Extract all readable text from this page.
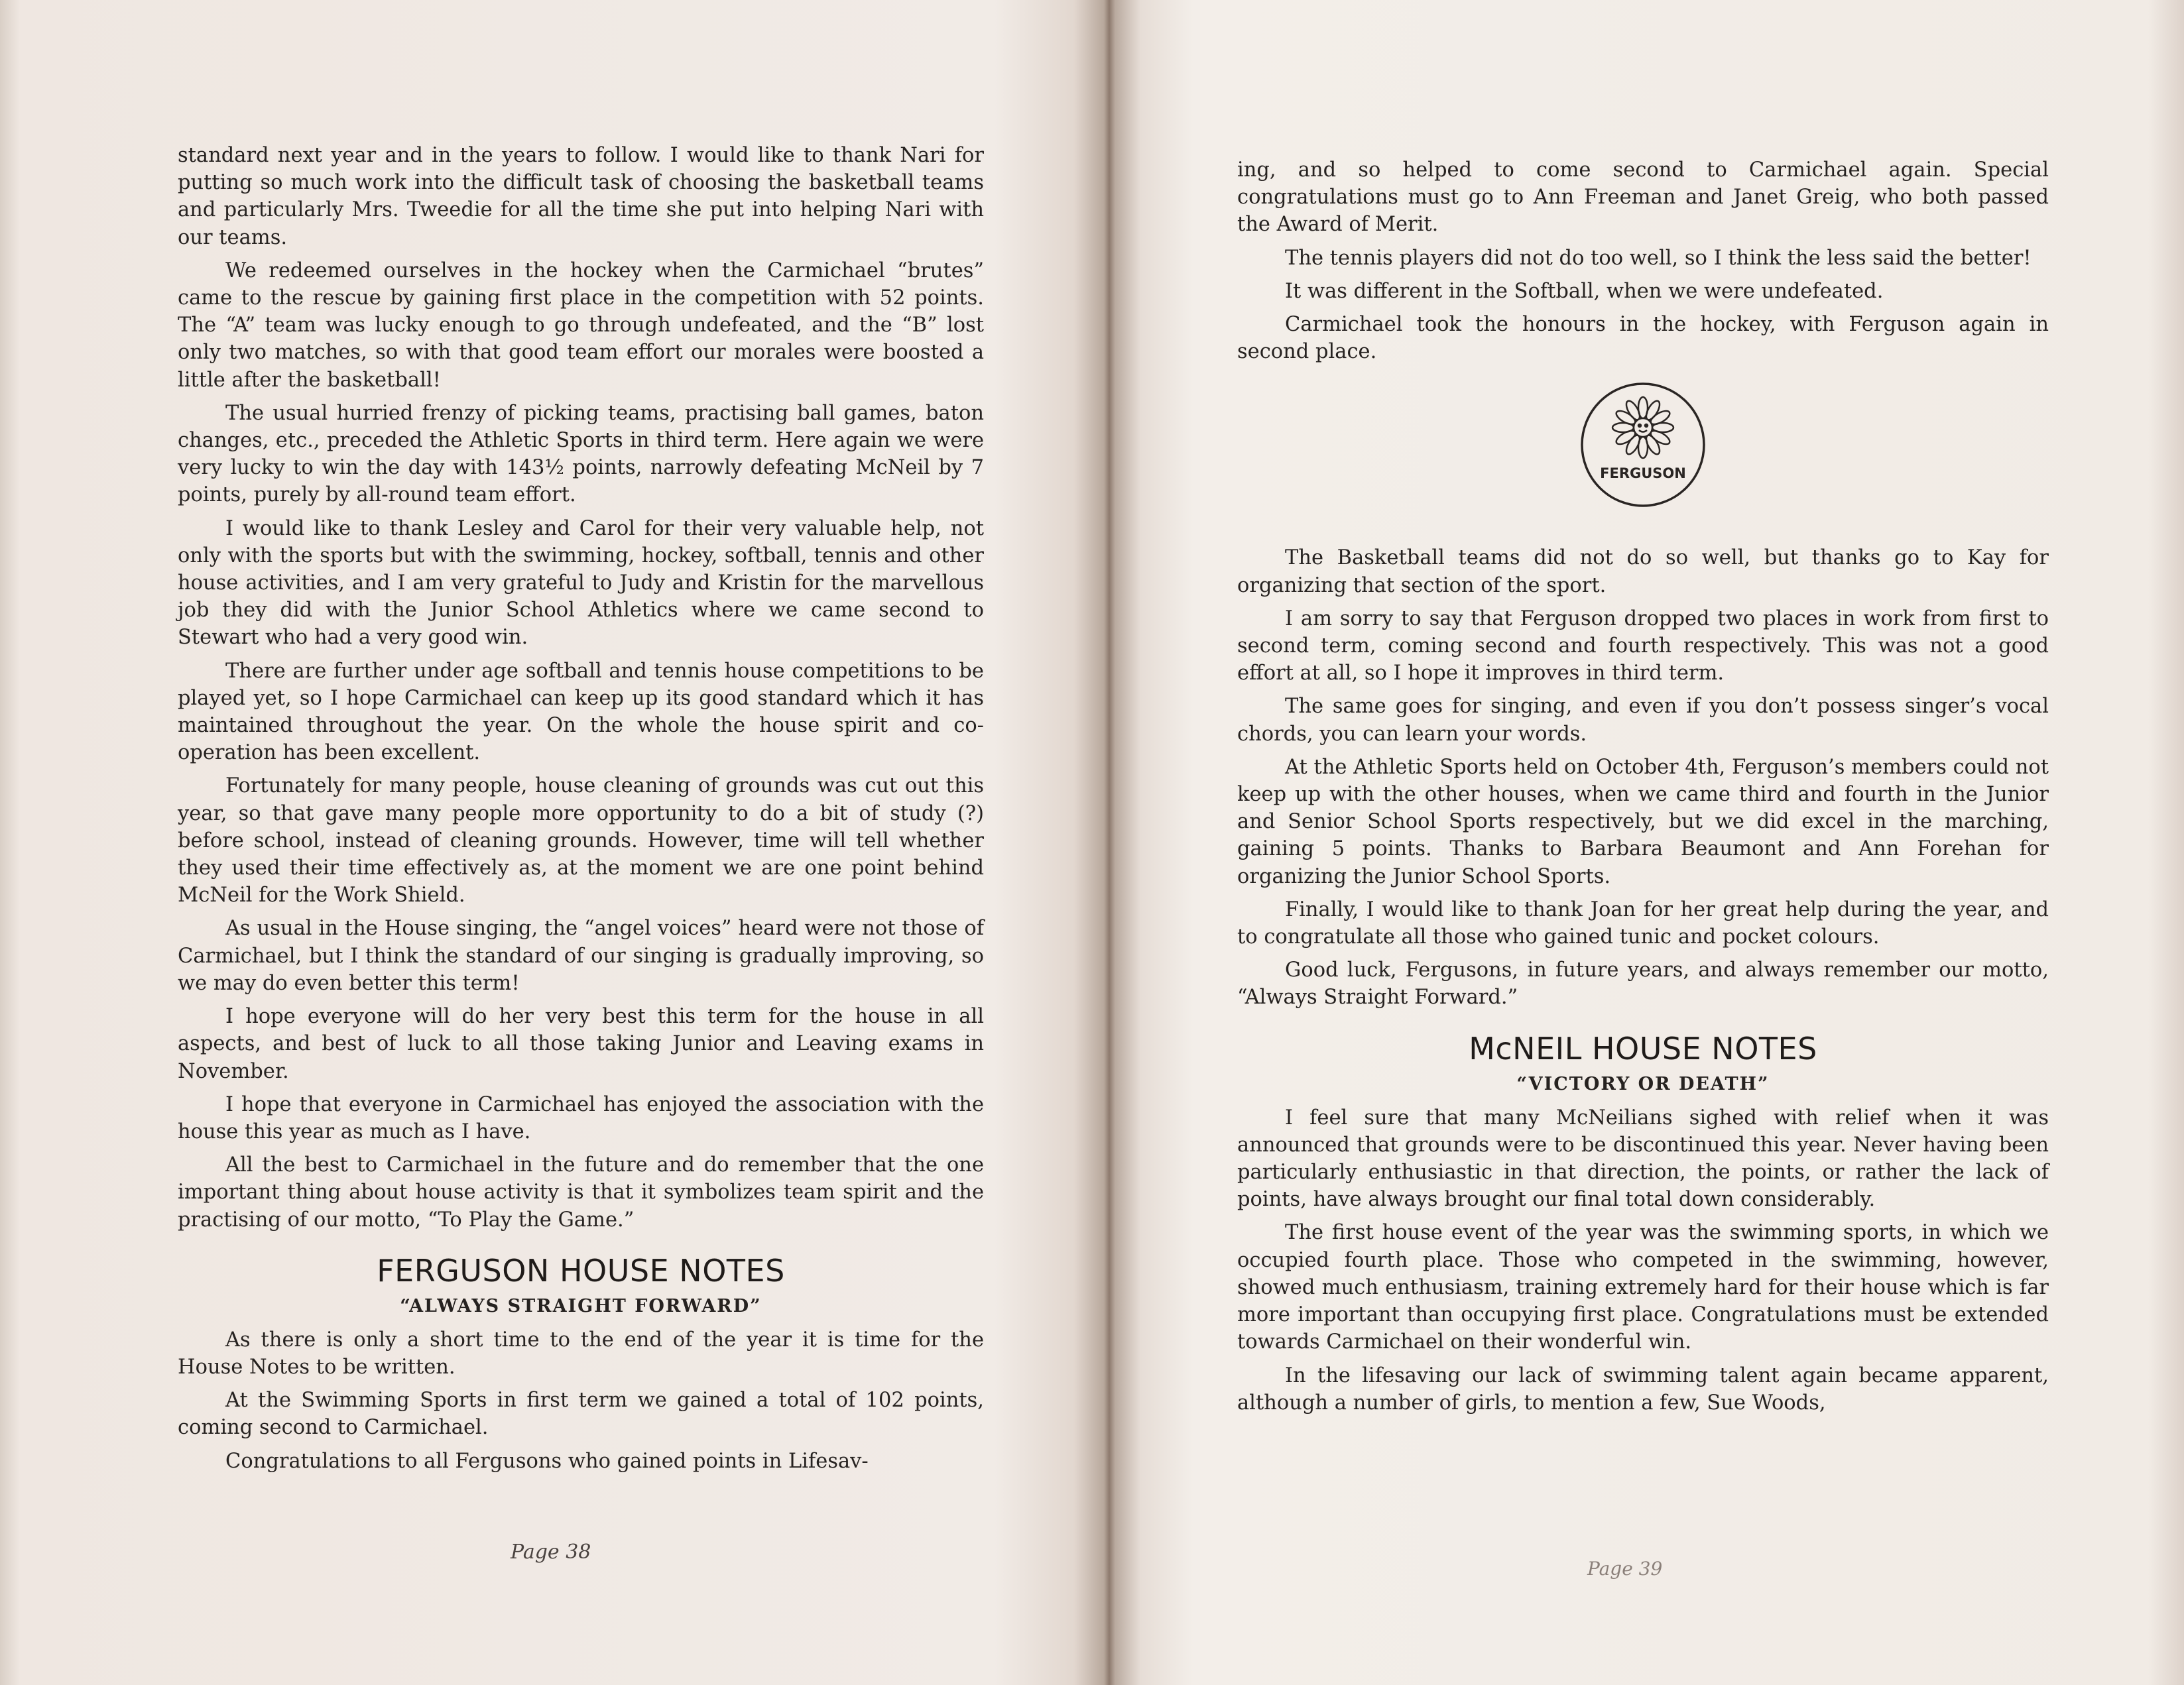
standard next year and in the years to follow. I would like to thank Nari for putting so much work into the difficult task of choosing the basketball teams and particularly Mrs. Tweedie for all the time she put into helping Nari with our teams.

We redeemed ourselves in the hockey when the Carmichael “brutes” came to the rescue by gaining first place in the competition with 52 points. The “A” team was lucky enough to go through undefeated, and the “B” lost only two matches, so with that good team effort our morales were boosted a little after the basketball!

The usual hurried frenzy of picking teams, practising ball games, baton changes, etc., preceded the Athletic Sports in third term. Here again we were very lucky to win the day with 143½ points, narrowly defeating McNeil by 7 points, purely by all-round team effort.

I would like to thank Lesley and Carol for their very valuable help, not only with the sports but with the swimming, hockey, softball, tennis and other house activities, and I am very grateful to Judy and Kristin for the marvellous job they did with the Junior School Athletics where we came second to Stewart who had a very good win.

There are further under age softball and tennis house competitions to be played yet, so I hope Carmichael can keep up its good standard which it has maintained throughout the year. On the whole the house spirit and co-operation has been excellent.

Fortunately for many people, house cleaning of grounds was cut out this year, so that gave many people more opportunity to do a bit of study (?) before school, instead of cleaning grounds. However, time will tell whether they used their time effectively as, at the moment we are one point behind McNeil for the Work Shield.

As usual in the House singing, the “angel voices” heard were not those of Carmichael, but I think the standard of our singing is gradually improving, so we may do even better this term!

I hope everyone will do her very best this term for the house in all aspects, and best of luck to all those taking Junior and Leaving exams in November.

I hope that everyone in Carmichael has enjoyed the association with the house this year as much as I have.

All the best to Carmichael in the future and do remember that the one important thing about house activity is that it symbolizes team spirit and the practising of our motto, “To Play the Game.”

FERGUSON HOUSE NOTES
“ALWAYS STRAIGHT FORWARD”

As there is only a short time to the end of the year it is time for the House Notes to be written.

At the Swimming Sports in first term we gained a total of 102 points, coming second to Carmichael.

Congratulations to all Fergusons who gained points in Lifesav-

Page 38

ing, and so helped to come second to Carmichael again. Special congratulations must go to Ann Freeman and Janet Greig, who both passed the Award of Merit.

The tennis players did not do too well, so I think the less said the better!

It was different in the Softball, when we were undefeated.

Carmichael took the honours in the hockey, with Ferguson again in second place.

FERGUSON

The Basketball teams did not do so well, but thanks go to Kay for organizing that section of the sport.

I am sorry to say that Ferguson dropped two places in work from first to second term, coming second and fourth respectively. This was not a good effort at all, so I hope it improves in third term.

The same goes for singing, and even if you don’t possess singer’s vocal chords, you can learn your words.

At the Athletic Sports held on October 4th, Ferguson’s members could not keep up with the other houses, when we came third and fourth in the Junior and Senior School Sports respectively, but we did excel in the marching, gaining 5 points. Thanks to Barbara Beaumont and Ann Forehan for organizing the Junior School Sports.

Finally, I would like to thank Joan for her great help during the year, and to congratulate all those who gained tunic and pocket colours.

Good luck, Fergusons, in future years, and always remember our motto, “Always Straight Forward.”

McNEIL HOUSE NOTES
“VICTORY OR DEATH”

I feel sure that many McNeilians sighed with relief when it was announced that grounds were to be discontinued this year. Never having been particularly enthusiastic in that direction, the points, or rather the lack of points, have always brought our final total down considerably.

The first house event of the year was the swimming sports, in which we occupied fourth place. Those who competed in the swimming, however, showed much enthusiasm, training extremely hard for their house which is far more important than occupying first place. Congratulations must be extended towards Carmichael on their wonderful win.

In the lifesaving our lack of swimming talent again became apparent, although a number of girls, to mention a few, Sue Woods,

Page 39
